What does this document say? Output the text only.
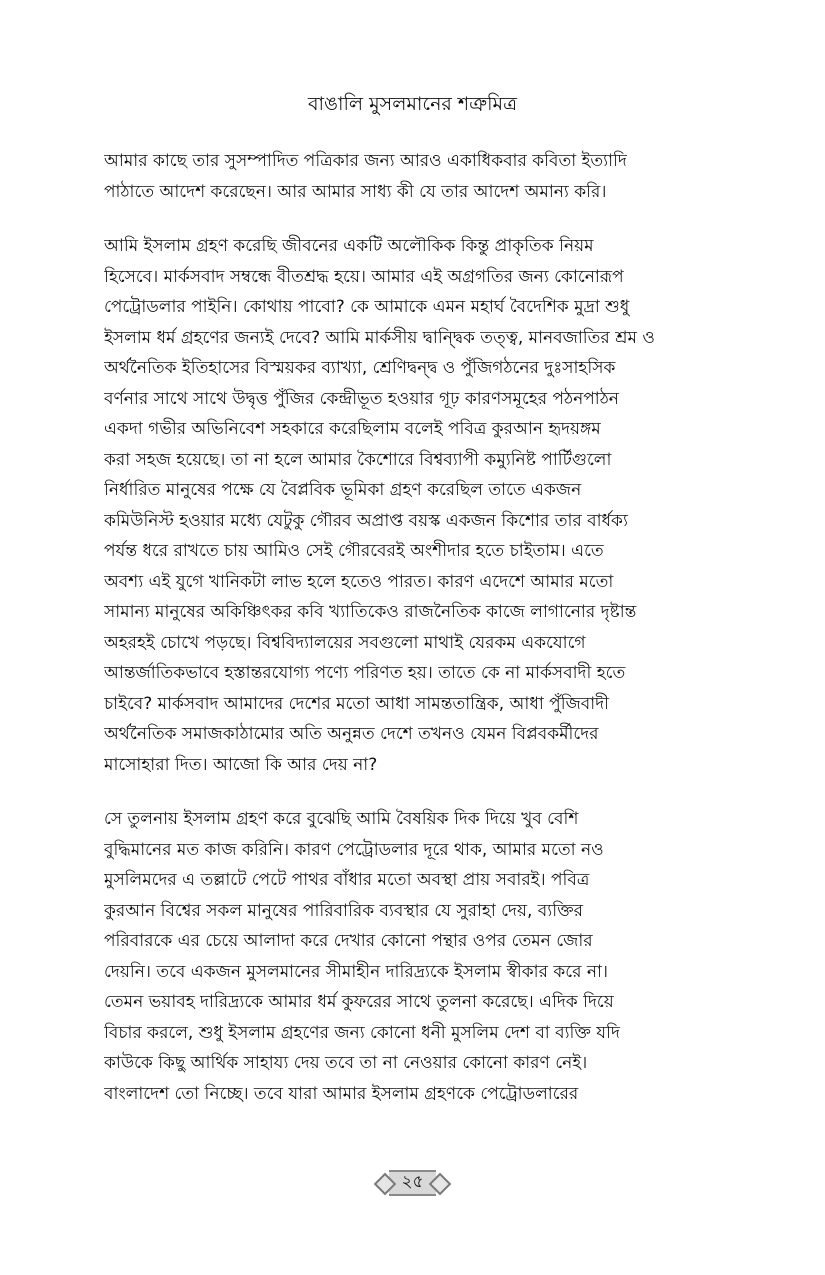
বাঙালি মুসলমানের শত্রুমিত্র

আমার কাছে তার সুসম্পাদিত পত্রিকার জন্য আরও একাধিকবার কবিতা ইত্যাদি
পাঠাতে আদেশ করেছেন। আর আমার সাধ্য কী যে তার আদেশ অমান্য করি।

আমি ইসলাম গ্রহণ করেছি জীবনের একটি অলৌকিক কিন্তু প্রাকৃতিক নিয়ম
হিসেবে। মার্কসবাদ সম্বন্ধে বীতশ্রদ্ধ হয়ে। আমার এই অগ্রগতির জন্য কোনোরূপ
পেট্রোডলার পাইনি। কোথায় পাবো? কে আমাকে এমন মহার্ঘ বৈদেশিক মুদ্রা শুধু
ইসলাম ধর্ম গ্রহণের জন্যই দেবে? আমি মার্কসীয় দ্বান্দ্বিক তত্ত্ব, মানবজাতির শ্রম ও
অর্থনৈতিক ইতিহাসের বিস্ময়কর ব্যাখ্যা, শ্রেণিদ্বন্দ্ব ও পুঁজিগঠনের দুঃসাহসিক
বর্ণনার সাথে সাথে উদ্বৃত্ত পুঁজির কেন্দ্রীভূত হওয়ার গূঢ় কারণসমূহের পঠনপাঠন
একদা গভীর অভিনিবেশ সহকারে করেছিলাম বলেই পবিত্র কুরআন হৃদয়ঙ্গম
করা সহজ হয়েছে। তা না হলে আমার কৈশোরে বিশ্বব্যাপী কম্যুনিষ্ট পার্টিগুলো
নির্ধারিত মানুষের পক্ষে যে বৈপ্লবিক ভূমিকা গ্রহণ করেছিল তাতে একজন
কমিউনিস্ট হওয়ার মধ্যে যেটুকু গৌরব অপ্রাপ্ত বয়স্ক একজন কিশোর তার বার্ধক্য
পর্যন্ত ধরে রাখতে চায় আমিও সেই গৌরবেরই অংশীদার হতে চাইতাম। এতে
অবশ্য এই যুগে খানিকটা লাভ হলে হতেও পারত। কারণ এদেশে আমার মতো
সামান্য মানুষের অকিঞ্চিৎকর কবি খ্যাতিকেও রাজনৈতিক কাজে লাগানোর দৃষ্টান্ত
অহরহই চোখে পড়ছে। বিশ্ববিদ্যালয়ের সবগুলো মাথাই যেরকম একযোগে
আন্তর্জাতিকভাবে হস্তান্তরযোগ্য পণ্যে পরিণত হয়। তাতে কে না মার্কসবাদী হতে
চাইবে? মার্কসবাদ আমাদের দেশের মতো আধা সামন্ততান্ত্রিক, আধা পুঁজিবাদী
অর্থনৈতিক সমাজকাঠামোর অতি অনুন্নত দেশে তখনও যেমন বিপ্লবকর্মীদের
মাসোহারা দিত। আজো কি আর দেয় না?

সে তুলনায় ইসলাম গ্রহণ করে বুঝেছি আমি বৈষয়িক দিক দিয়ে খুব বেশি
বুদ্ধিমানের মত কাজ করিনি। কারণ পেট্রোডলার দূরে থাক, আমার মতো নও
মুসলিমদের এ তল্লাটে পেটে পাথর বাঁধার মতো অবস্থা প্রায় সবারই। পবিত্র
কুরআন বিশ্বের সকল মানুষের পারিবারিক ব্যবস্থার যে সুরাহা দেয়, ব্যক্তির
পরিবারকে এর চেয়ে আলাদা করে দেখার কোনো পন্থার ওপর তেমন জোর
দেয়নি। তবে একজন মুসলমানের সীমাহীন দারিদ্র্যকে ইসলাম স্বীকার করে না।
তেমন ভয়াবহ দারিদ্র্যকে আমার ধর্ম কুফরের সাথে তুলনা করেছে। এদিক দিয়ে
বিচার করলে, শুধু ইসলাম গ্রহণের জন্য কোনো ধনী মুসলিম দেশ বা ব্যক্তি যদি
কাউকে কিছু আর্থিক সাহায্য দেয় তবে তা না নেওয়ার কোনো কারণ নেই।
বাংলাদেশ তো নিচ্ছে। তবে যারা আমার ইসলাম গ্রহণকে পেট্রোডলারের

২৫
